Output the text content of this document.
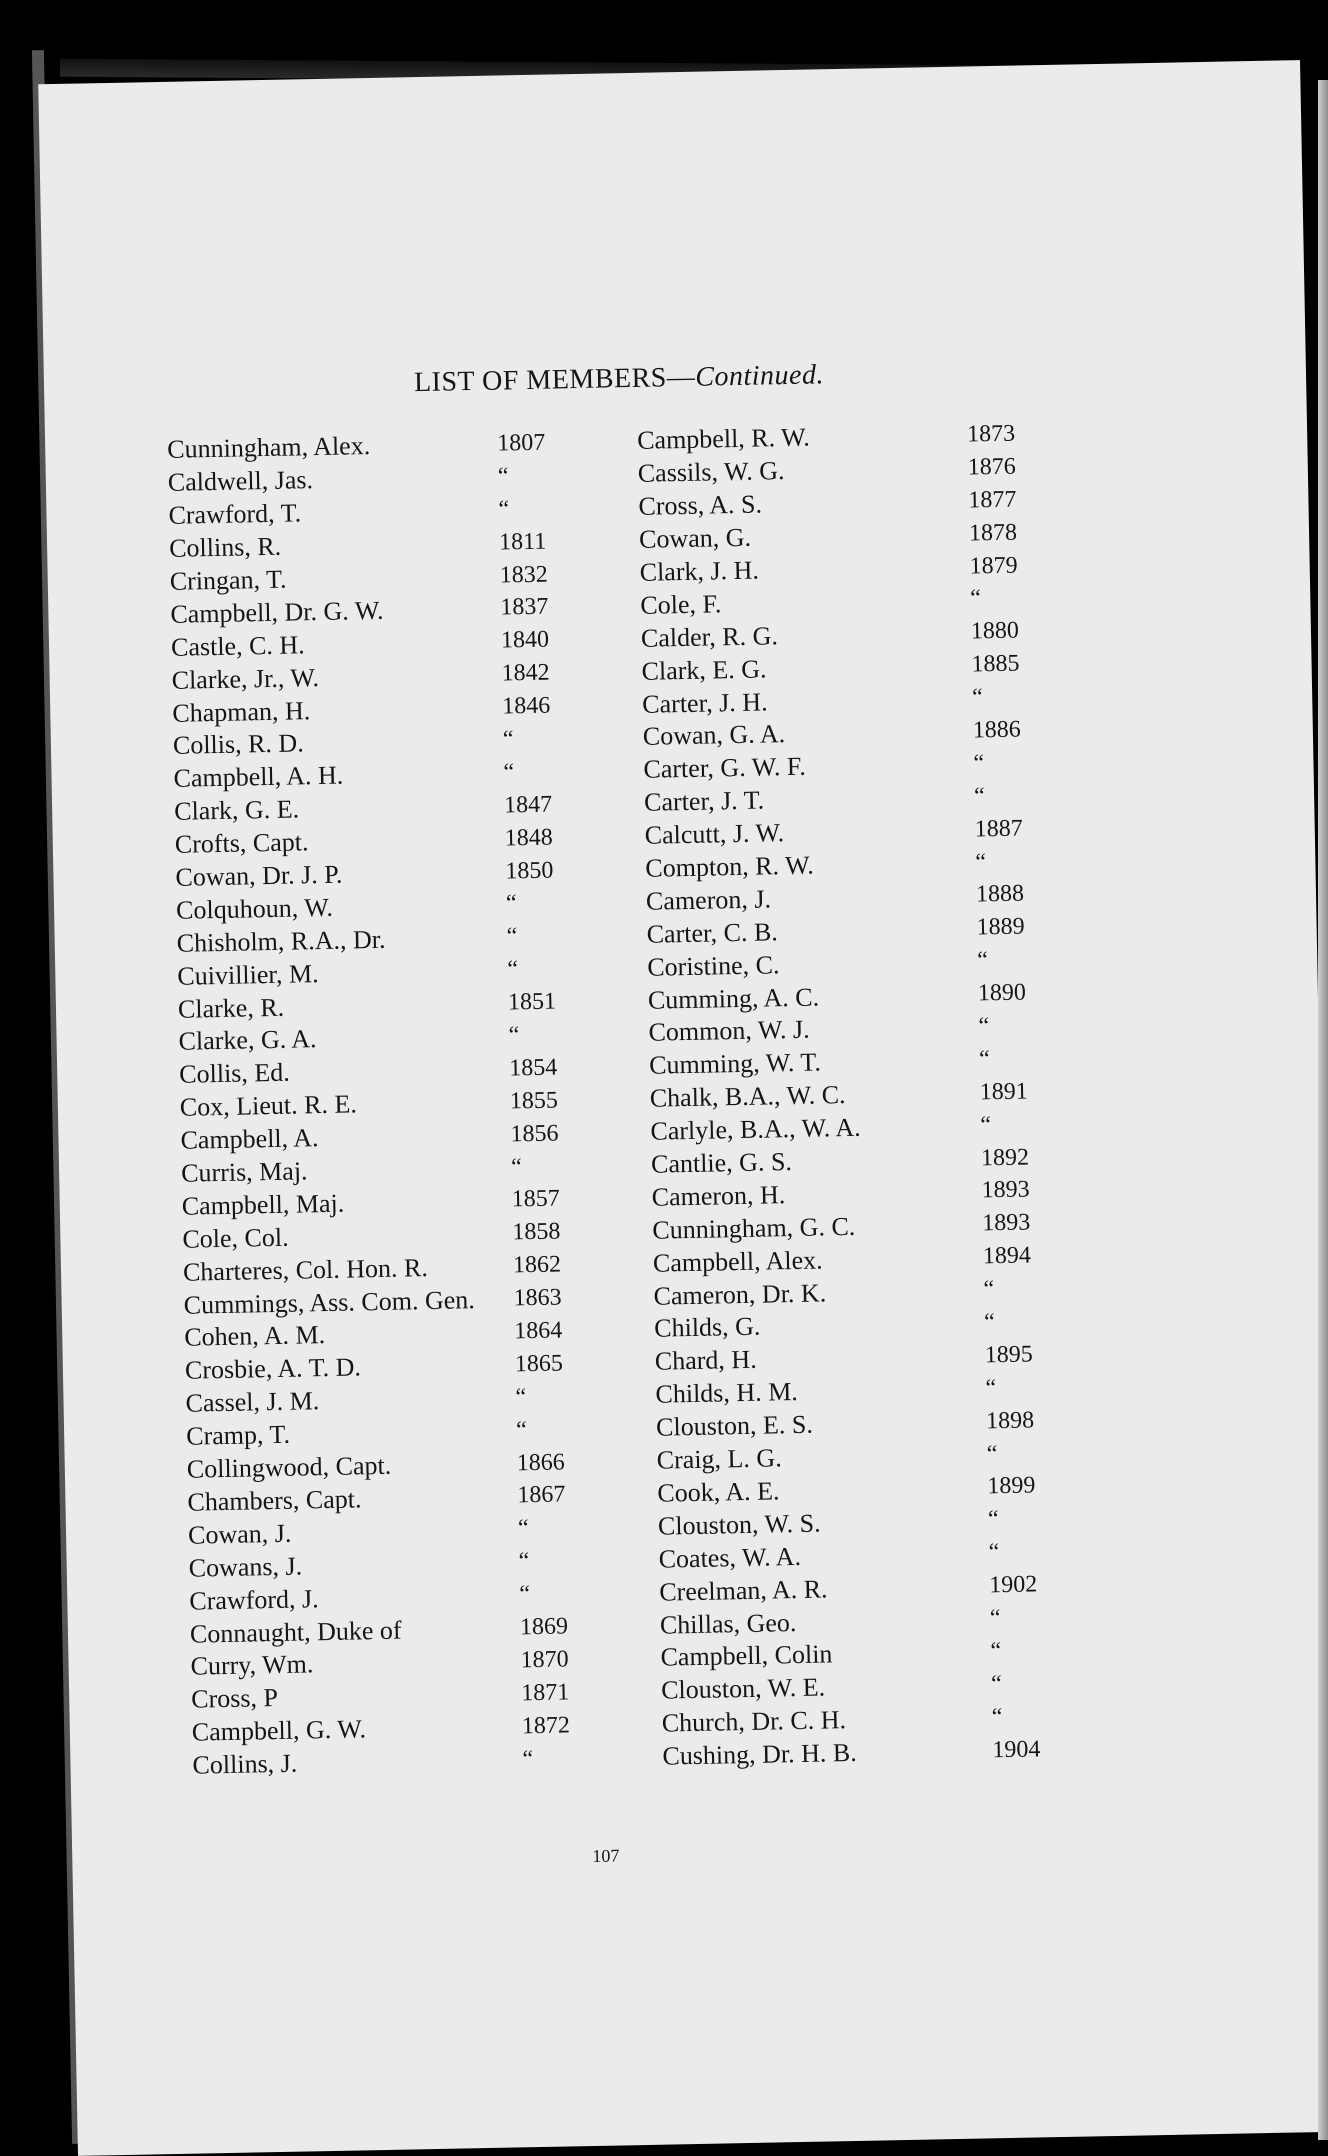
LIST OF MEMBERS—Continued.
Cunningham, Alex.	1807
Caldwell, Jas.	“
Crawford, T.	“
Collins, R.	1811
Cringan, T.	1832
Campbell, Dr. G. W.	1837
Castle, C. H.	1840
Clarke, Jr., W.	1842
Chapman, H.	1846
Collis, R. D.	“
Campbell, A. H.	“
Clark, G. E.	1847
Crofts, Capt.	1848
Cowan, Dr. J. P.	1850
Colquhoun, W.	“
Chisholm, R.A., Dr.	“
Cuivillier, M.	“
Clarke, R.	1851
Clarke, G. A.	“
Collis, Ed.	1854
Cox, Lieut. R. E.	1855
Campbell, A.	1856
Curris, Maj.	“
Campbell, Maj.	1857
Cole, Col.	1858
Charteres, Col. Hon. R.	1862
Cummings, Ass. Com. Gen.	1863
Cohen, A. M.	1864
Crosbie, A. T. D.	1865
Cassel, J. M.	“
Cramp, T.	“
Collingwood, Capt.	1866
Chambers, Capt.	1867
Cowan, J.	“
Cowans, J.	“
Crawford, J.	“
Connaught, Duke of	1869
Curry, Wm.	1870
Cross, P	1871
Campbell, G. W.	1872
Collins, J.	“
Campbell, R. W.	1873
Cassils, W. G.	1876
Cross, A. S.	1877
Cowan, G.	1878
Clark, J. H.	1879
Cole, F.	“
Calder, R. G.	1880
Clark, E. G.	1885
Carter, J. H.	“
Cowan, G. A.	1886
Carter, G. W. F.	“
Carter, J. T.	“
Calcutt, J. W.	1887
Compton, R. W.	“
Cameron, J.	1888
Carter, C. B.	1889
Coristine, C.	“
Cumming, A. C.	1890
Common, W. J.	“
Cumming, W. T.	“
Chalk, B.A., W. C.	1891
Carlyle, B.A., W. A.	“
Cantlie, G. S.	1892
Cameron, H.	1893
Cunningham, G. C.	1893
Campbell, Alex.	1894
Cameron, Dr. K.	“
Childs, G.	“
Chard, H.	1895
Childs, H. M.	“
Clouston, E. S.	1898
Craig, L. G.	“
Cook, A. E.	1899
Clouston, W. S.	“
Coates, W. A.	“
Creelman, A. R.	1902
Chillas, Geo.	“
Campbell, Colin	“
Clouston, W. E.	“
Church, Dr. C. H.	“
Cushing, Dr. H. B.	1904
107
